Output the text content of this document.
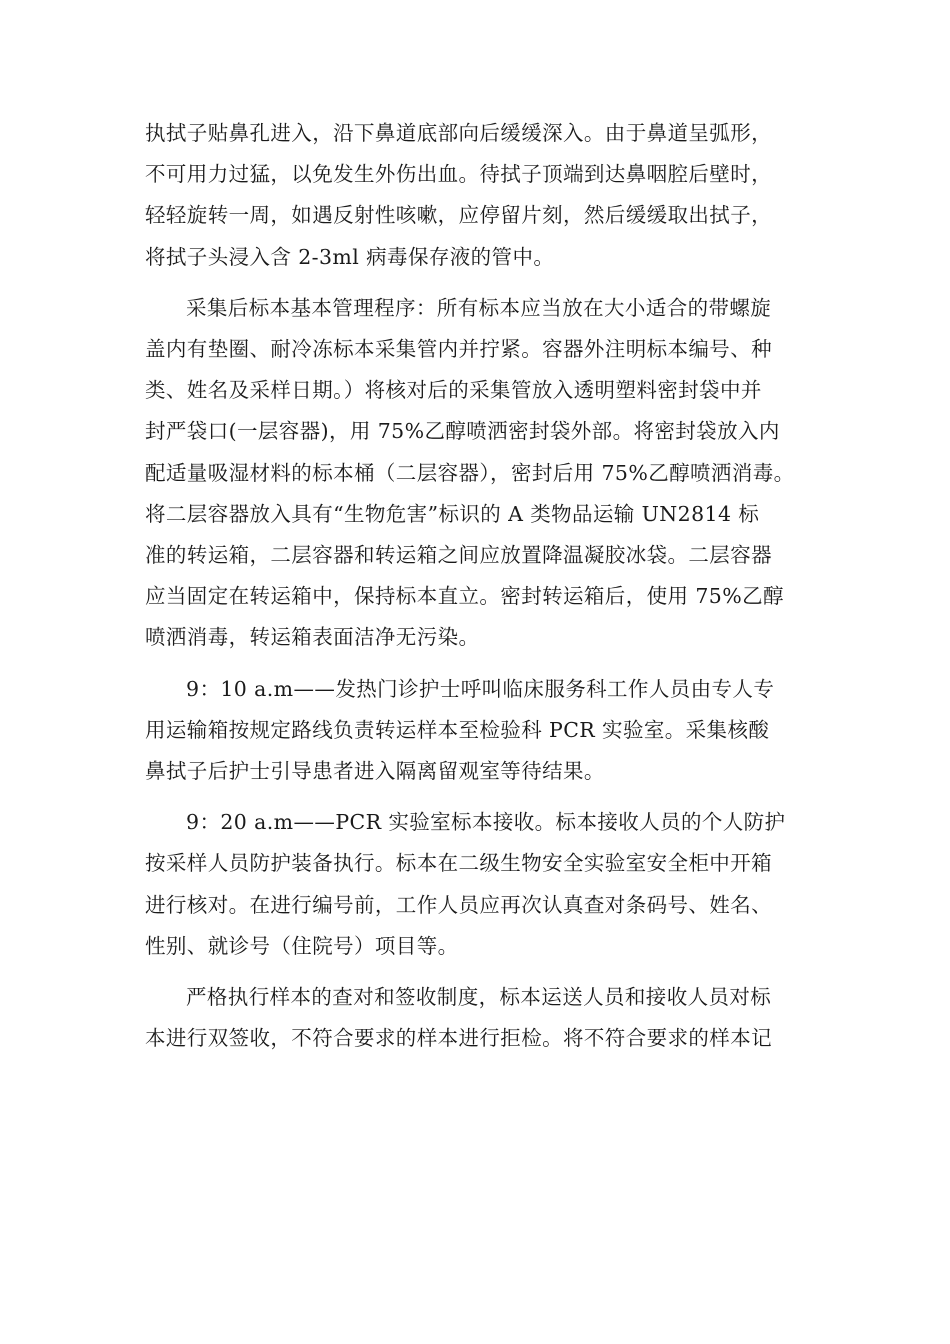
执拭子贴鼻孔进入，沿下鼻道底部向后缓缓深入。由于鼻道呈弧形，
不可用力过猛，以免发生外伤出血。待拭子顶端到达鼻咽腔后壁时，
轻轻旋转一周，如遇反射性咳嗽，应停留片刻，然后缓缓取出拭子，
将拭子头浸入含 2-3ml 病毒保存液的管中。

采集后标本基本管理程序：所有标本应当放在大小适合的带螺旋
盖内有垫圈、耐冷冻标本采集管内并拧紧。容器外注明标本编号、种
类、姓名及采样日期。）将核对后的采集管放入透明塑料密封袋中并
封严袋口(一层容器)，用 75%乙醇喷洒密封袋外部。将密封袋放入内
配适量吸湿材料的标本桶（二层容器），密封后用 75%乙醇喷洒消毒。
将二层容器放入具有“生物危害”标识的 A 类物品运输 UN2814 标
准的转运箱，二层容器和转运箱之间应放置降温凝胶冰袋。二层容器
应当固定在转运箱中，保持标本直立。密封转运箱后，使用 75%乙醇
喷洒消毒，转运箱表面洁净无污染。

9：10 a.m——发热门诊护士呼叫临床服务科工作人员由专人专
用运输箱按规定路线负责转运样本至检验科 PCR 实验室。采集核酸
鼻拭子后护士引导患者进入隔离留观室等待结果。

9：20 a.m——PCR 实验室标本接收。标本接收人员的个人防护
按采样人员防护装备执行。标本在二级生物安全实验室安全柜中开箱
进行核对。在进行编号前，工作人员应再次认真查对条码号、姓名、
性别、就诊号（住院号）项目等。

严格执行样本的查对和签收制度，标本运送人员和接收人员对标
本进行双签收，不符合要求的样本进行拒检。将不符合要求的样本记
